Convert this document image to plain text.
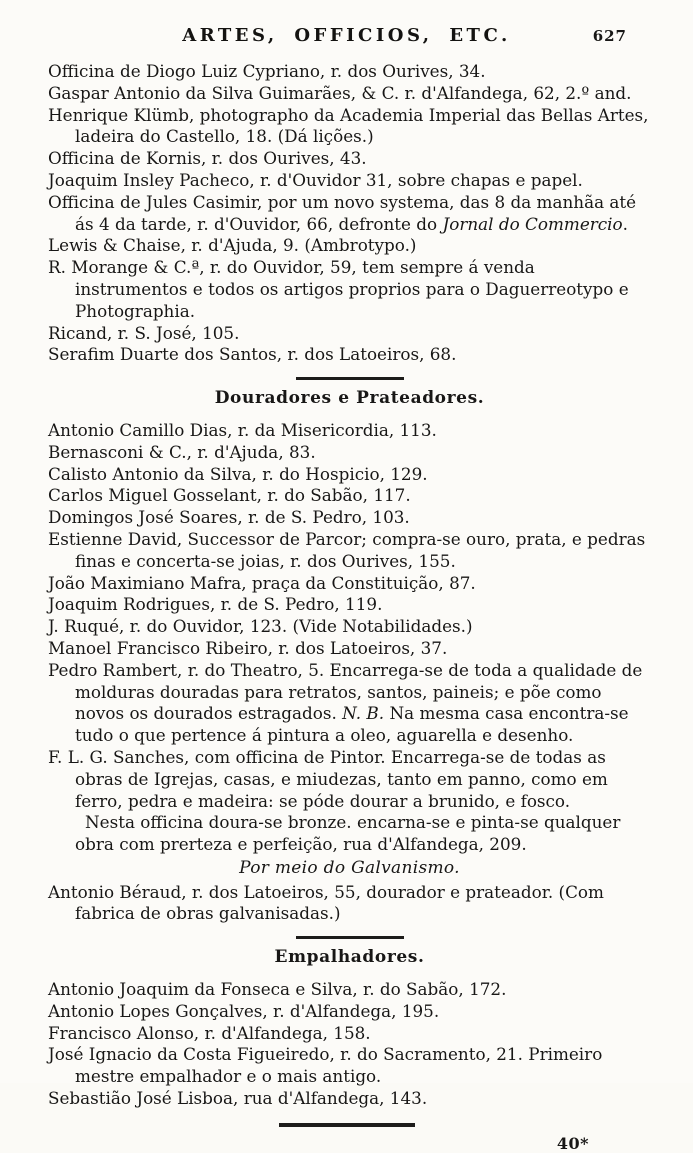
ARTES, OFFICIOS, ETC.	627

Officina de Diogo Luiz Cypriano, r. dos Ourives, 34.

Gaspar Antonio da Silva Guimarães, & C. r. d'Alfandega, 62, 2.º and.

Henrique Klümb, photographo da Academia Imperial das Bellas Artes, ladeira do Castello, 18. (Dá lições.)

Officina de Kornis, r. dos Ourives, 43.

Joaquim Insley Pacheco, r. d'Ouvidor 31, sobre chapas e papel.

Officina de Jules Casimir, por um novo systema, das 8 da manhãa até ás 4 da tarde, r. d'Ouvidor, 66, defronte do Jornal do Commercio.

Lewis & Chaise, r. d'Ajuda, 9. (Ambrotypo.)

R. Morange & C.ª, r. do Ouvidor, 59, tem sempre á venda instrumentos e todos os artigos proprios para o Daguerreotypo e Photographia.

Ricand, r. S. José, 105.

Serafim Duarte dos Santos, r. dos Latoeiros, 68.

Douradores e Prateadores.

Antonio Camillo Dias, r. da Misericordia, 113.

Bernasconi & C., r. d'Ajuda, 83.

Calisto Antonio da Silva, r. do Hospicio, 129.

Carlos Miguel Gosselant, r. do Sabão, 117.

Domingos José Soares, r. de S. Pedro, 103.

Estienne David, Successor de Parcor; compra-se ouro, prata, e pedras finas e concerta-se joias, r. dos Ourives, 155.

João Maximiano Mafra, praça da Constituição, 87.

Joaquim Rodrigues, r. de S. Pedro, 119.

J. Ruqué, r. do Ouvidor, 123. (Vide Notabilidades.)

Manoel Francisco Ribeiro, r. dos Latoeiros, 37.

Pedro Rambert, r. do Theatro, 5. Encarrega-se de toda a qualidade de molduras douradas para retratos, santos, paineis; e põe como novos os dourados estragados. N. B. Na mesma casa encontra-se tudo o que pertence á pintura a oleo, aguarella e desenho.

F. L. G. Sanches, com officina de Pintor. Encarrega-se de todas as obras de Igrejas, casas, e miudezas, tanto em panno, como em ferro, pedra e madeira: se póde dourar a brunido, e fosco.

Nesta officina doura-se bronze. encarna-se e pinta-se qualquer obra com prerteza e perfeição, rua d'Alfandega, 209.

Por meio do Galvanismo.

Antonio Béraud, r. dos Latoeiros, 55, dourador e prateador. (Com fabrica de obras galvanisadas.)

Empalhadores.

Antonio Joaquim da Fonseca e Silva, r. do Sabão, 172.

Antonio Lopes Gonçalves, r. d'Alfandega, 195.

Francisco Alonso, r. d'Alfandega, 158.

José Ignacio da Costa Figueiredo, r. do Sacramento, 21. Primeiro mestre empalhador e o mais antigo.

Sebastião José Lisboa, rua d'Alfandega, 143.

40*
